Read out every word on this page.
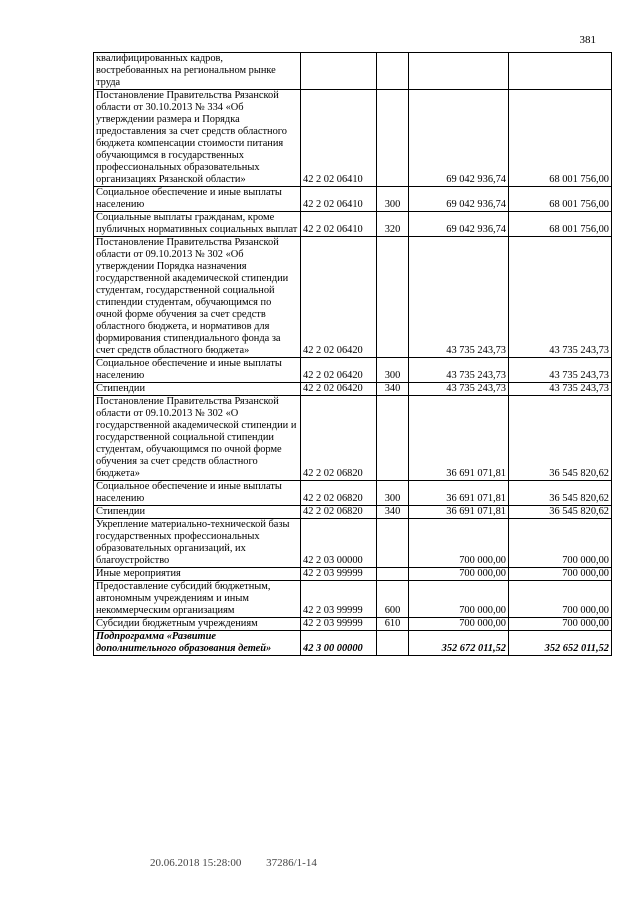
381
квалифицированных кадров, востребованных на региональном рынке труда				
Постановление Правительства Рязанской области от 30.10.2013 № 334 «Об утверждении размера и Порядка предоставления за счет средств областного бюджета компенсации стоимости питания обучающимся в государственных профессиональных образовательных организациях Рязанской области»	42 2 02 06410		69 042 936,74	68 001 756,00
Социальное обеспечение и иные выплаты населению	42 2 02 06410	300	69 042 936,74	68 001 756,00
Социальные выплаты гражданам, кроме публичных нормативных социальных выплат	42 2 02 06410	320	69 042 936,74	68 001 756,00
Постановление Правительства Рязанской области от 09.10.2013 № 302 «Об утверждении Порядка назначения государственной академической стипендии студентам, государственной социальной стипендии студентам, обучающимся по очной форме обучения за счет средств областного бюджета, и нормативов для формирования стипендиального фонда за счет средств областного бюджета»	42 2 02 06420		43 735 243,73	43 735 243,73
Социальное обеспечение и иные выплаты населению	42 2 02 06420	300	43 735 243,73	43 735 243,73
Стипендии	42 2 02 06420	340	43 735 243,73	43 735 243,73
Постановление Правительства Рязанской области от 09.10.2013 № 302 «О государственной академической стипендии и государственной социальной стипендии студентам, обучающимся по очной форме обучения за счет средств областного бюджета»	42 2 02 06820		36 691 071,81	36 545 820,62
Социальное обеспечение и иные выплаты населению	42 2 02 06820	300	36 691 071,81	36 545 820,62
Стипендии	42 2 02 06820	340	36 691 071,81	36 545 820,62
Укрепление материально-технической базы государственных профессиональных образовательных организаций, их благоустройство	42 2 03 00000		700 000,00	700 000,00
Иные мероприятия	42 2 03 99999		700 000,00	700 000,00
Предоставление субсидий бюджетным, автономным учреждениям и иным некоммерческим организациям	42 2 03 99999	600	700 000,00	700 000,00
Субсидии бюджетным учреждениям	42 2 03 99999	610	700 000,00	700 000,00
Подпрограмма «Развитие дополнительного образования детей»	42 3 00 00000		352 672 011,52	352 652 011,52
20.06.2018 15:28:00 37286/1-14
